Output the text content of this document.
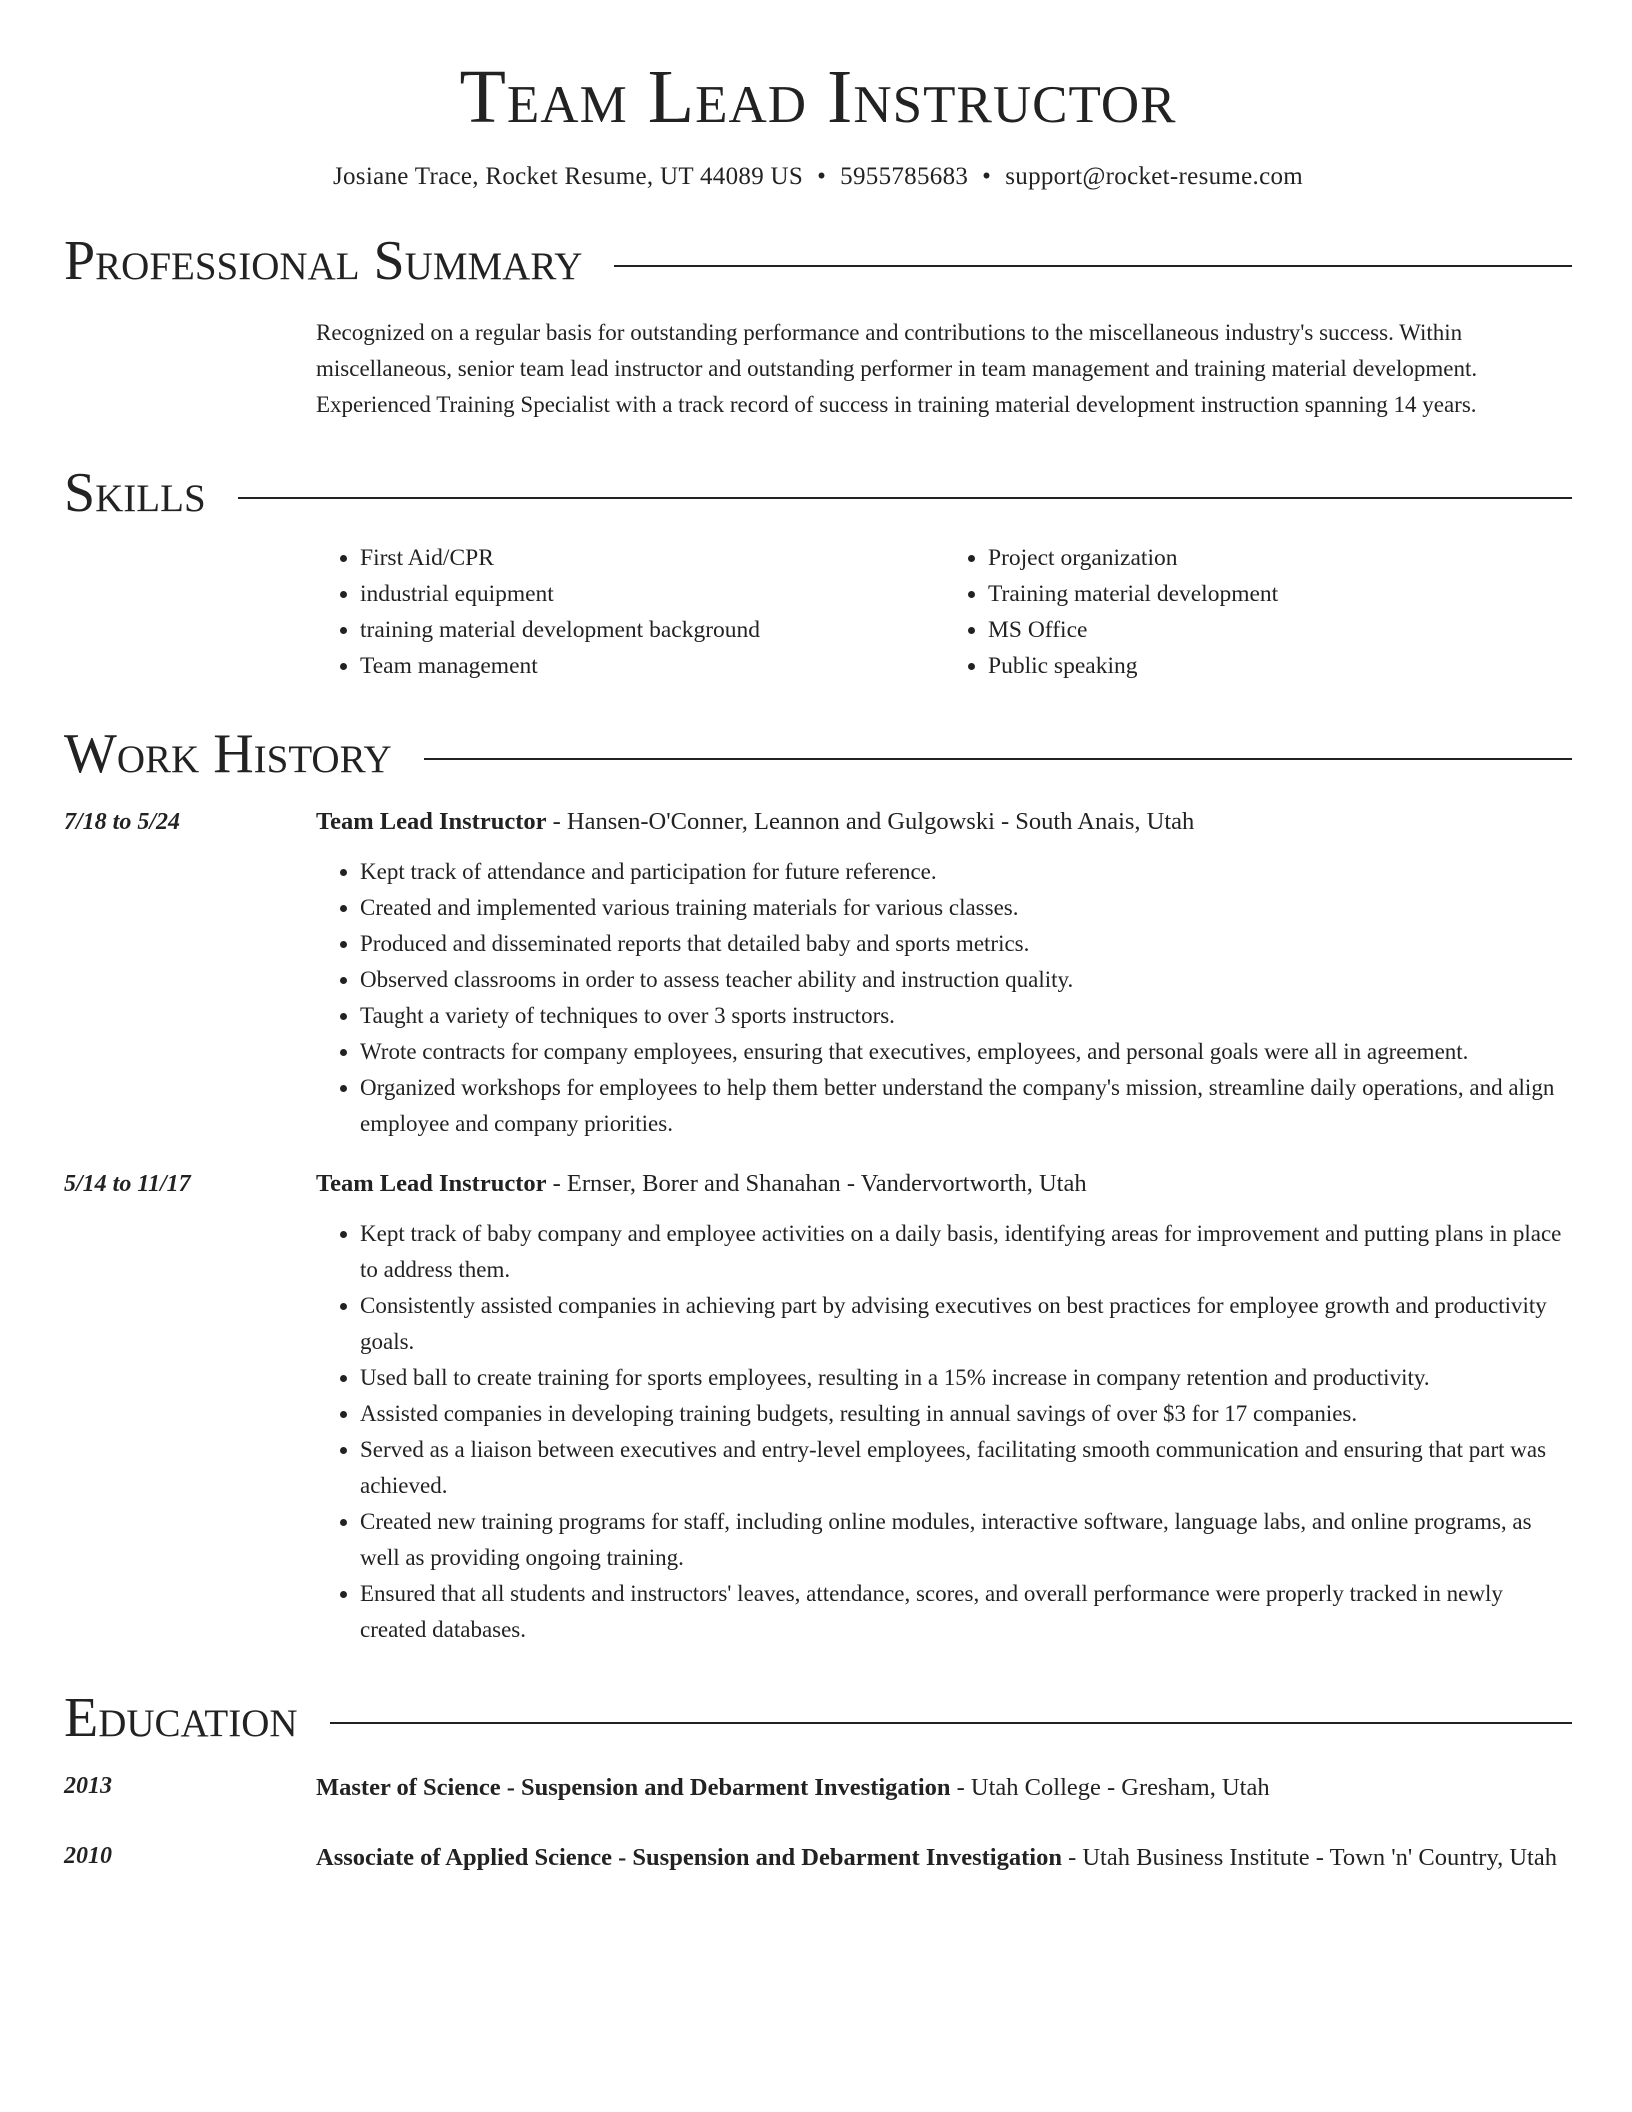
Team Lead Instructor
Josiane Trace, Rocket Resume, UT 44089 US • 5955785683 • support@rocket-resume.com
Professional Summary
Recognized on a regular basis for outstanding performance and contributions to the miscellaneous industry's success. Within miscellaneous, senior team lead instructor and outstanding performer in team management and training material development. Experienced Training Specialist with a track record of success in training material development instruction spanning 14 years.
Skills
• First Aid/CPR
• industrial equipment
• training material development background
• Team management
• Project organization
• Training material development
• MS Office
• Public speaking
Work History
7/18 to 5/24	Team Lead Instructor - Hansen-O'Conner, Leannon and Gulgowski - South Anais, Utah
• Kept track of attendance and participation for future reference.
• Created and implemented various training materials for various classes.
• Produced and disseminated reports that detailed baby and sports metrics.
• Observed classrooms in order to assess teacher ability and instruction quality.
• Taught a variety of techniques to over 3 sports instructors.
• Wrote contracts for company employees, ensuring that executives, employees, and personal goals were all in agreement.
• Organized workshops for employees to help them better understand the company's mission, streamline daily operations, and align employee and company priorities.
5/14 to 11/17	Team Lead Instructor - Ernser, Borer and Shanahan - Vandervortworth, Utah
• Kept track of baby company and employee activities on a daily basis, identifying areas for improvement and putting plans in place to address them.
• Consistently assisted companies in achieving part by advising executives on best practices for employee growth and productivity goals.
• Used ball to create training for sports employees, resulting in a 15% increase in company retention and productivity.
• Assisted companies in developing training budgets, resulting in annual savings of over $3 for 17 companies.
• Served as a liaison between executives and entry-level employees, facilitating smooth communication and ensuring that part was achieved.
• Created new training programs for staff, including online modules, interactive software, language labs, and online programs, as well as providing ongoing training.
• Ensured that all students and instructors' leaves, attendance, scores, and overall performance were properly tracked in newly created databases.
Education
2013	Master of Science - Suspension and Debarment Investigation - Utah College - Gresham, Utah
2010	Associate of Applied Science - Suspension and Debarment Investigation - Utah Business Institute - Town 'n' Country, Utah
